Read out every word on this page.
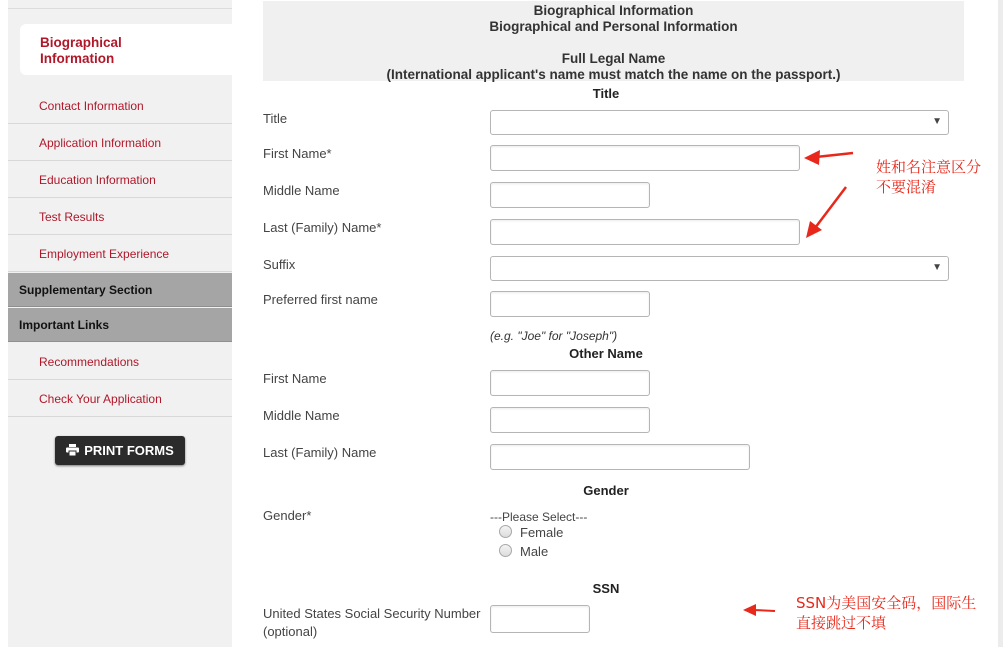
Biographical Information
Contact Information
Application Information
Education Information
Test Results
Employment Experience
Supplementary Section
Important Links
Recommendations
Check Your Application
PRINT FORMS
Biographical Information
Biographical and Personal Information
Full Legal Name
(International applicant's name must match the name on the passport.)
Title
Title	▼
First Name*
Middle Name
Last (Family) Name*
Suffix	▼
Preferred first name
(e.g. "Joe" for "Joseph")
Other Name
First Name
Middle Name
Last (Family) Name
Gender
Gender*	---Please Select---
Female
Male
SSN
United States Social Security Number
(optional)
姓和名注意区分
不要混淆
SSN为美国安全码，国际生
直接跳过不填
